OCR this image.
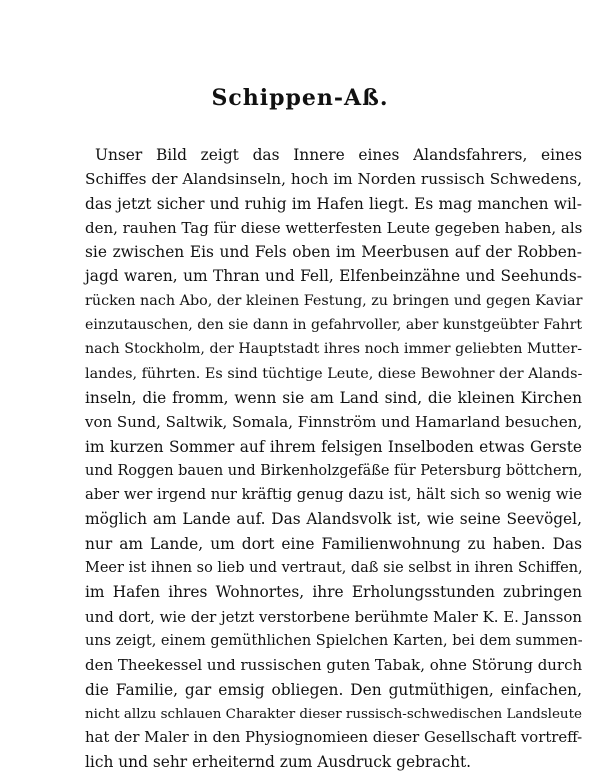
Schippen-Aß.
Unser Bild zeigt das Innere eines Alandsfahrers, eines
Schiffes der Alandsinseln, hoch im Norden russisch Schwedens,
das jetzt sicher und ruhig im Hafen liegt. Es mag manchen wil-
den, rauhen Tag für diese wetterfesten Leute gegeben haben, als
sie zwischen Eis und Fels oben im Meerbusen auf der Robben-
jagd waren, um Thran und Fell, Elfenbeinzähne und Seehunds-
rücken nach Abo, der kleinen Festung, zu bringen und gegen Kaviar
einzutauschen, den sie dann in gefahrvoller, aber kunstgeübter Fahrt
nach Stockholm, der Hauptstadt ihres noch immer geliebten Mutter-
landes, führten. Es sind tüchtige Leute, diese Bewohner der Alands-
inseln, die fromm, wenn sie am Land sind, die kleinen Kirchen
von Sund, Saltwik, Somala, Finnström und Hamarland besuchen,
im kurzen Sommer auf ihrem felsigen Inselboden etwas Gerste
und Roggen bauen und Birkenholzgefäße für Petersburg böttchern,
aber wer irgend nur kräftig genug dazu ist, hält sich so wenig wie
möglich am Lande auf. Das Alandsvolk ist, wie seine Seevögel,
nur am Lande, um dort eine Familienwohnung zu haben. Das
Meer ist ihnen so lieb und vertraut, daß sie selbst in ihren Schiffen,
im Hafen ihres Wohnortes, ihre Erholungsstunden zubringen
und dort, wie der jetzt verstorbene berühmte Maler K. E. Jansson
uns zeigt, einem gemüthlichen Spielchen Karten, bei dem summen-
den Theekessel und russischen guten Tabak, ohne Störung durch
die Familie, gar emsig obliegen. Den gutmüthigen, einfachen,
nicht allzu schlauen Charakter dieser russisch-schwedischen Landsleute
hat der Maler in den Physiognomieen dieser Gesellschaft vortreff-
lich und sehr erheiternd zum Ausdruck gebracht.
